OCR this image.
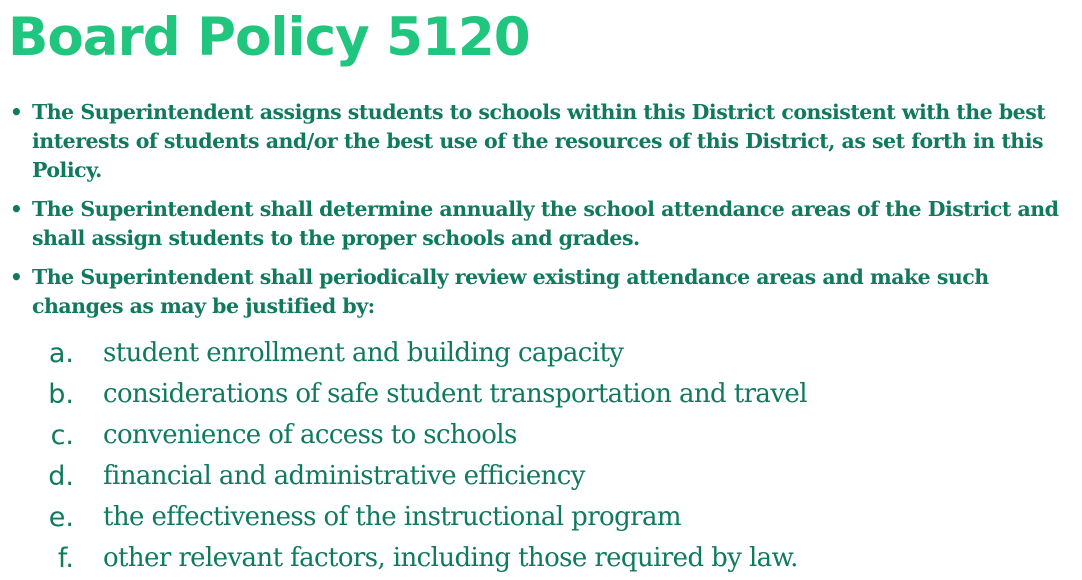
Board Policy 5120
• The Superintendent assigns students to schools within this District consistent with the best interests of students and/or the best use of the resources of this District, as set forth in this Policy.
• The Superintendent shall determine annually the school attendance areas of the District and shall assign students to the proper schools and grades.
• The Superintendent shall periodically review existing attendance areas and make such changes as may be justified by:
a. student enrollment and building capacity
b. considerations of safe student transportation and travel
c. convenience of access to schools
d. financial and administrative efficiency
e. the effectiveness of the instructional program
f. other relevant factors, including those required by law.
